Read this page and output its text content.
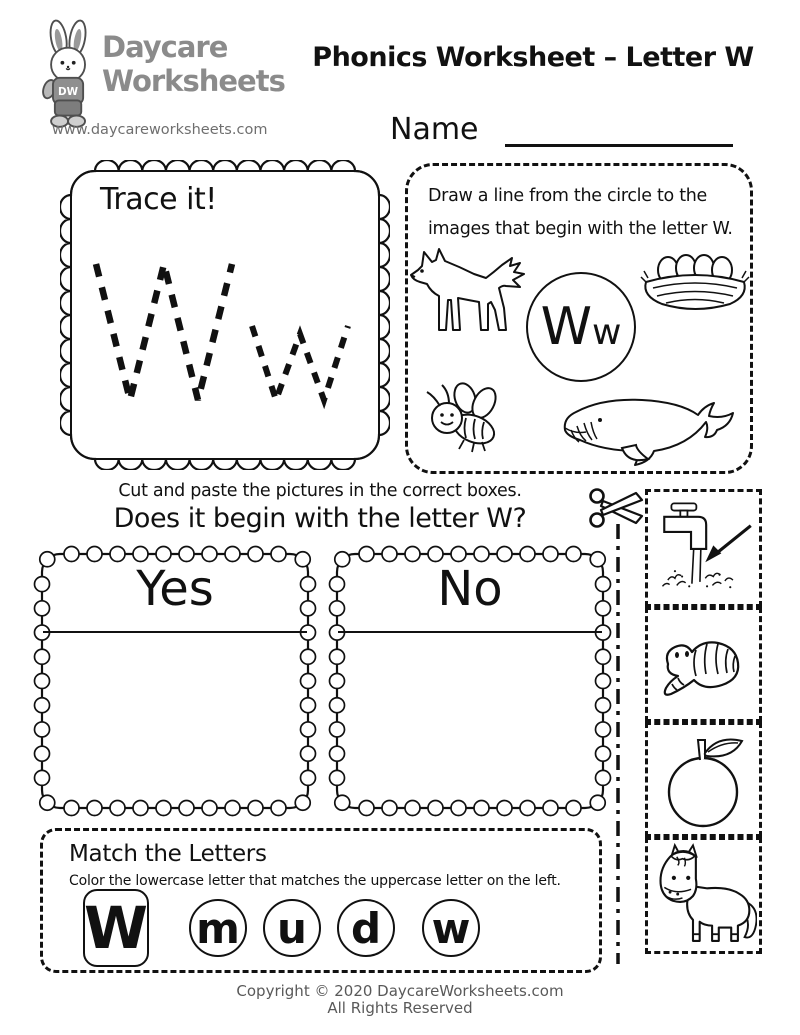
DW
Daycare
Worksheets
www.daycareworksheets.com
Phonics Worksheet – Letter W
Name
Trace it!	Draw a line from the circle to the
images that begin with the letter W.
W w
Cut and paste the pictures in the correct boxes.
Does it begin with the letter W?
Yes	No
Match the Letters
Color the lowercase letter that matches the uppercase letter on the left.
W m u	d	w
Copyright © 2020 DaycareWorksheets.com
All Rights Reserved
